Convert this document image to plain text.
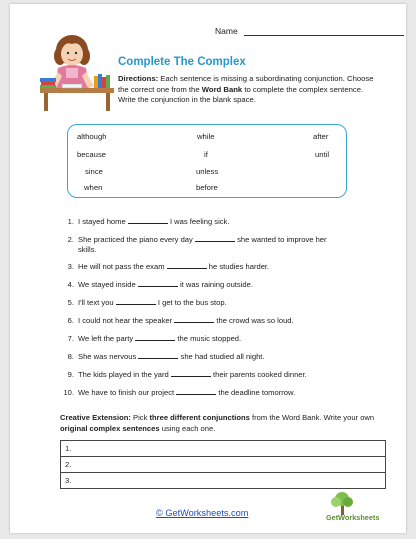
Name
Complete The Complex
Directions: Each sentence is missing a subordinating conjunction. Choose the correct one from the Word Bank to complete the complex sentence. Write the conjunction in the blank space.
although	while	after
because	if	until
since	unless
when	before
1. I stayed home	I was feeling sick.
2. She practiced the piano every day	she wanted to improve her
skills.
3. He will not pass the exam	he studies harder.
4. We stayed inside	it was raining outside.
5. I'll text you	I get to the bus stop.
6. I could not hear the speaker	the crowd was so loud.
7. We left the party	the music stopped.
8. She was nervous	she had studied all night.
9. The kids played in the yard	their parents cooked dinner.
10. We have to finish our project	the deadline tomorrow.
Creative Extension: Pick three different conjunctions from the Word Bank. Write your own original complex sentences using each one.
1.
2.
3.
© GetWorksheets.com	GetWorksheets
